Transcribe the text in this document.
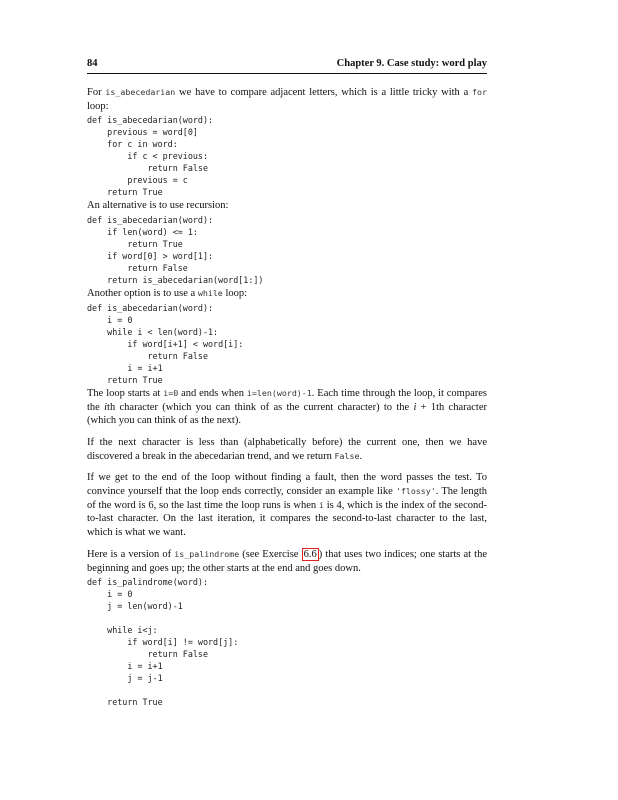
84	Chapter 9. Case study: word play

For is_abecedarian we have to compare adjacent letters, which is a little tricky with a for loop:

def is_abecedarian(word):
previous = word[0]
for c in word:
if c < previous:
return False
previous = c
return True

An alternative is to use recursion:

def is_abecedarian(word):
if len(word) <= 1:
return True
if word[0] > word[1]:
return False
return is_abecedarian(word[1:])

Another option is to use a while loop:

def is_abecedarian(word):
i = 0
while i < len(word)-1:
if word[i+1] < word[i]:
return False
i = i+1
return True

The loop starts at i=0 and ends when i=len(word)-1. Each time through the loop, it compares the ith character (which you can think of as the current character) to the i + 1th character (which you can think of as the next).

If the next character is less than (alphabetically before) the current one, then we have discovered a break in the abecedarian trend, and we return False.

If we get to the end of the loop without finding a fault, then the word passes the test. To convince yourself that the loop ends correctly, consider an example like 'flossy'. The length of the word is 6, so the last time the loop runs is when i is 4, which is the index of the second-to-last character. On the last iteration, it compares the second-to-last character to the last, which is what we want.

Here is a version of is_palindrome (see Exercise 6.6 ) that uses two indices; one starts at the beginning and goes up; the other starts at the end and goes down.

def is_palindrome(word):
i = 0
j = len(word)-1

while i<j:
if word[i] != word[j]:
return False
i = i+1
j = j-1

return True
